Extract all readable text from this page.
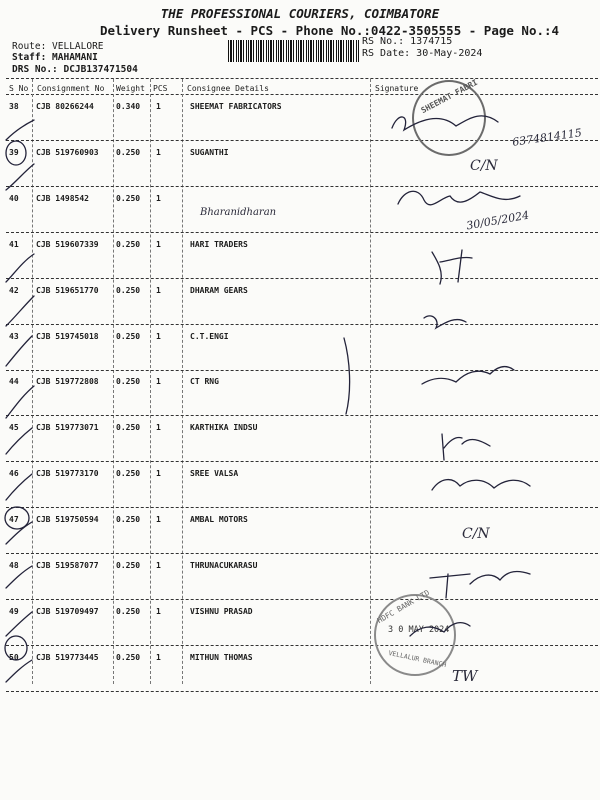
THE PROFESSIONAL COURIERS, COIMBATORE
Delivery Runsheet - PCS - Phone No.:0422-3505555 - Page No.:4
Route: VELLALORE
Staff: MAHAMANI
DRS No.: DCJB137471504
RS No.: 1374715
RS Date: 30-May-2024
S No Consignment No Weight PCS Consignee Details	Signature
38 CJB 80266244	0.340 1	SHEEMAT FABRICATORS
39 CJB 519760903 0.250 1	SUGANTHI
40 CJB 1498542	0.250 1
41 CJB 519607339 0.250 1	HARI TRADERS
42 CJB 519651770 0.250 1	DHARAM GEARS
43 CJB 519745018 0.250 1	C.T.ENGI
44 CJB 519772808 0.250 1	CT RNG
45 CJB 519773071 0.250 1	KARTHIKA INDSU
46 CJB 519773170 0.250 1	SREE VALSA
47 CJB 519750594 0.250 1	AMBAL MOTORS
48 CJB 519587077 0.250 1	THRUNACUKARASU
49 CJB 519709497 0.250 1	VISHNU PRASAD
50 CJB 519773445 0.250 1	MITHUN THOMAS
Bharanidharan
6374814115
30/05/2024
C/N
C/N
TW
SHEEMAT FABRI
HDFC BANK LTD
3 0 MAY 2024
VELLALUR BRANCH
